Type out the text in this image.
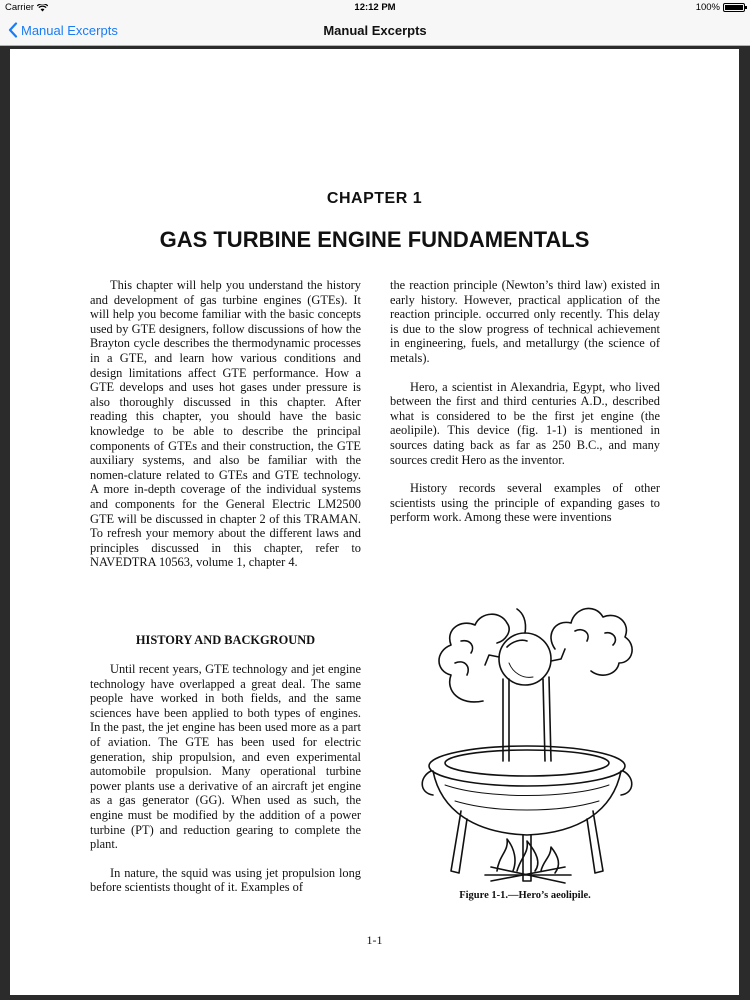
Carrier	12:12 PM	100%
Manual Excerpts	Manual Excerpts
CHAPTER 1
GAS TURBINE ENGINE FUNDAMENTALS

This chapter will help you understand the history and development of gas turbine engines (GTEs). It will help you become familiar with the basic concepts used by GTE designers, follow discussions of how the Brayton cycle describes the thermodynamic processes in a GTE, and learn how various conditions and design limitations affect GTE performance. How a GTE develops and uses hot gases under pressure is also thoroughly discussed in this chapter. After reading this chapter, you should have the basic knowledge to be able to describe the principal components of GTEs and their construction, the GTE auxiliary systems, and also be familiar with the nomen-clature related to GTEs and GTE technology. A more in-depth coverage of the individual systems and components for the General Electric LM2500 GTE will be discussed in chapter 2 of this TRAMAN. To refresh your memory about the different laws and principles discussed in this chapter, refer to NAVEDTRA 10563, volume 1, chapter 4.

HISTORY AND BACKGROUND

Until recent years, GTE technology and jet engine technology have overlapped a great deal. The same people have worked in both fields, and the same sciences have been applied to both types of engines. In the past, the jet engine has been used more as a part of aviation. The GTE has been used for electric generation, ship propulsion, and even experimental automobile propulsion. Many operational turbine power plants use a derivative of an aircraft jet engine as a gas generator (GG). When used as such, the engine must be modified by the addition of a power turbine (PT) and reduction gearing to complete the plant.

In nature, the squid was using jet propulsion long before scientists thought of it. Examples of

the reaction principle (Newton’s third law) existed in early history. However, practical application of the reaction principle. occurred only recently. This delay is due to the slow progress of technical achievement in engineering, fuels, and metallurgy (the science of metals).

Hero, a scientist in Alexandria, Egypt, who lived between the first and third centuries A.D., described what is considered to be the first jet engine (the aeolipile). This device (fig. 1-1) is mentioned in sources dating back as far as 250 B.C., and many sources credit Hero as the inventor.

History records several examples of other scientists using the principle of expanding gases to perform work. Among these were inventions

Figure 1-1.—Hero’s aeolipile.
1-1
